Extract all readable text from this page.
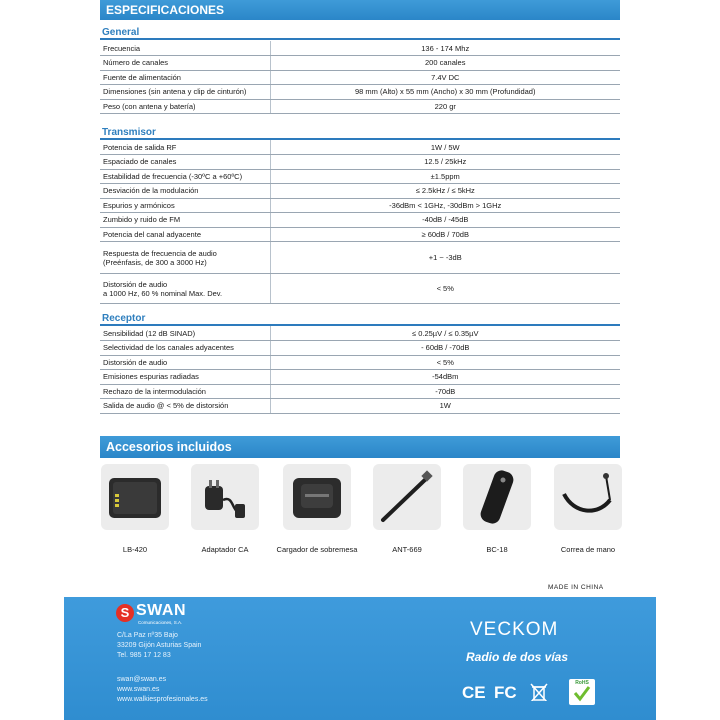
ESPECIFICACIONES
General
Frecuencia	136 - 174 Mhz
Número de canales	200 canales
Fuente de alimentación	7.4V DC
Dimensiones (sin antena y clip de cinturón)	98 mm (Alto) x 55 mm (Ancho) x 30 mm (Profundidad)
Peso (con antena y batería)	220 gr
Transmisor
Potencia de salida RF	1W / 5W
Espaciado de canales	12.5 / 25kHz
Estabilidad de frecuencia (-30ºC a +60ºC)	±1.5ppm
Desviación de la modulación	≤ 2.5kHz / ≤ 5kHz
Espurios y armónicos	-36dBm < 1GHz, -30dBm > 1GHz
Zumbido y ruido de FM	-40dB / -45dB
Potencia del canal adyacente	≥ 60dB / 70dB
Respuesta de frecuencia de audio
(Preénfasis, de 300 a 3000 Hz)	+1 ~ -3dB
Distorsión de audio
a 1000 Hz, 60 % nominal Max. Dev.	< 5%
Receptor
Sensibilidad (12 dB SINAD)	≤ 0.25µV / ≤ 0.35µV
Selectividad de los canales adyacentes	- 60dB / -70dB
Distorsión de audio	< 5%
Emisiones espurias radiadas	-54dBm
Rechazo de la intermodulación	-70dB
Salida de audio @ < 5% de distorsión	1W
Accesorios incluidos
LB-420	Adaptador CA	Cargador de sobremesa	ANT-669	BC-18	Correa de mano
MADE IN CHINA
S SWAN
Comunicaciones, S.A.
C/La Paz nº35 Bajo
33209 Gijón Asturias Spain
Tel. 985 17 12 83
swan@swan.es
www.swan.es
www.walkiesprofesionales.es
VECKOM
Radio de dos vías
CE FC	RoHS
